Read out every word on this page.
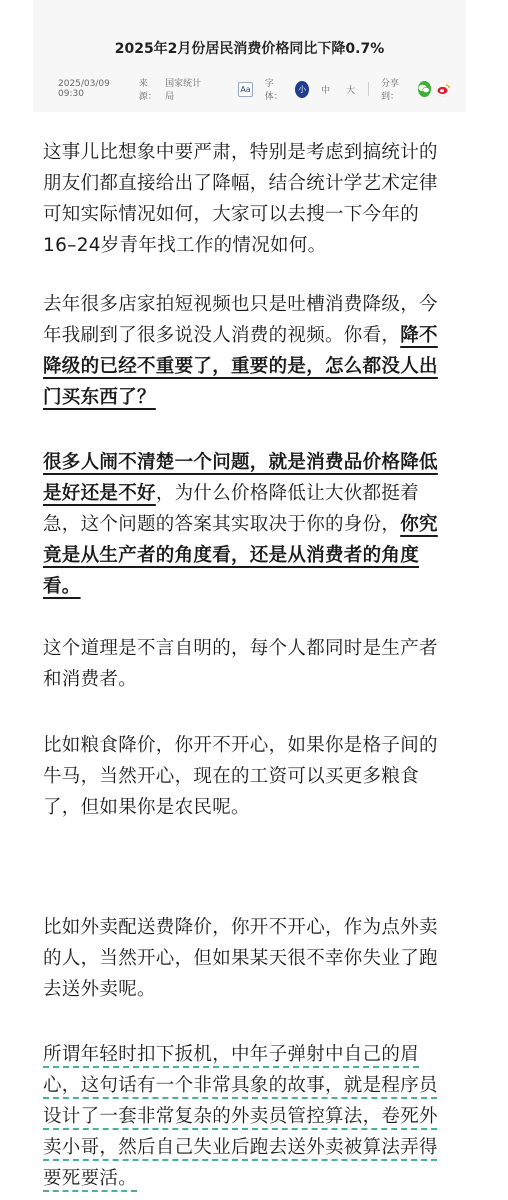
2025年2月份居民消费价格同比下降0.7%
2025/03/09 09:30
来源：
国家统计局
Aa 字体：
小	中 大
分享到：
这事儿比想象中要严肃，特别是考虑到搞统计的
朋友们都直接给出了降幅，结合统计学艺术定律
可知实际情况如何，大家可以去搜一下今年的
16–24岁青年找工作的情况如何。
去年很多店家拍短视频也只是吐槽消费降级，今
年我刷到了很多说没人消费的视频。你看，降不
降级的已经不重要了，重要的是，怎么都没人出
门买东西了？
很多人闹不清楚一个问题，就是消费品价格降低
是好还是不好，为什么价格降低让大伙都挺着
急，这个问题的答案其实取决于你的身份，你究
竟是从生产者的角度看，还是从消费者的角度
看。
这个道理是不言自明的，每个人都同时是生产者
和消费者。
比如粮食降价，你开不开心，如果你是格子间的
牛马，当然开心，现在的工资可以买更多粮食
了，但如果你是农民呢。
比如外卖配送费降价，你开不开心，作为点外卖
的人，当然开心，但如果某天很不幸你失业了跑
去送外卖呢。
所谓年轻时扣下扳机，中年子弹射中自己的眉
心，这句话有一个非常具象的故事，就是程序员
设计了一套非常复杂的外卖员管控算法，卷死外
卖小哥，然后自己失业后跑去送外卖被算法弄得
要死要活。
